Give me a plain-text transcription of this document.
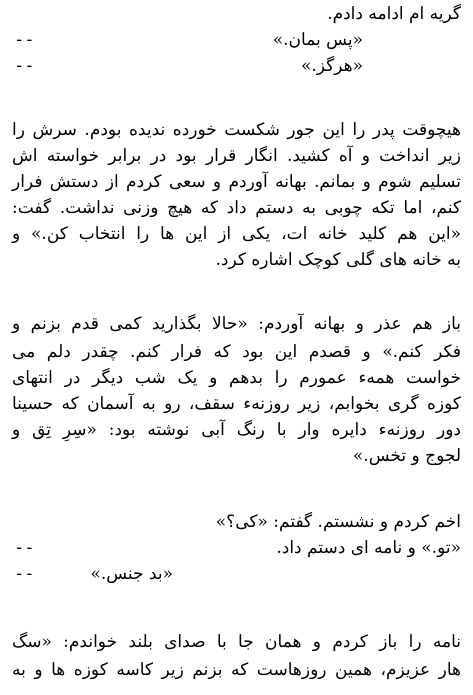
گریه ام ادامه دادم.
--	«پس بمان.»
--	«هرگز.»
هیچوقت پدر را این جور شکست خورده ندیده بودم. سرش را
زیر انداخت و آه کشید. انگار قرار بود در برابر خواسته اش
تسلیم شوم و بمانم. بهانه آوردم و سعی کردم از دستش فرار
کنم، اما تکه چوبی به دستم داد که هیچ وزنی نداشت. گفت:
«این هم کلید خانه ات، یکی از این ها را انتخاب کن.» و
به خانه های گلی کوچک اشاره کرد.
باز هم عذر و بهانه آوردم: «حالا بگذارید کمی قدم بزنم و
فکر کنم.» و قصدم این بود که فرار کنم. چقدر دلم می
خواست همهء عمورم را بدهم و یک شب دیگر در انتهای
کوزه گری بخوابم، زیر روزنهء سقف، رو به آسمان که حسینا
دور روزنهء دایره وار با رنگ آبی نوشته بود: «سِرِ تِق و
لجوج و تخس.»
اخم کردم و نشستم. گفتم: «کی؟»
--	«تو.» و نامه ای دستم داد.
--	«بد جنس.»
نامه را باز کردم و همان جا با صدای بلند خواندم: «سگ
هار عزیزم، همین روزهاست که بزنم زیر کاسه کوزه ها و به
